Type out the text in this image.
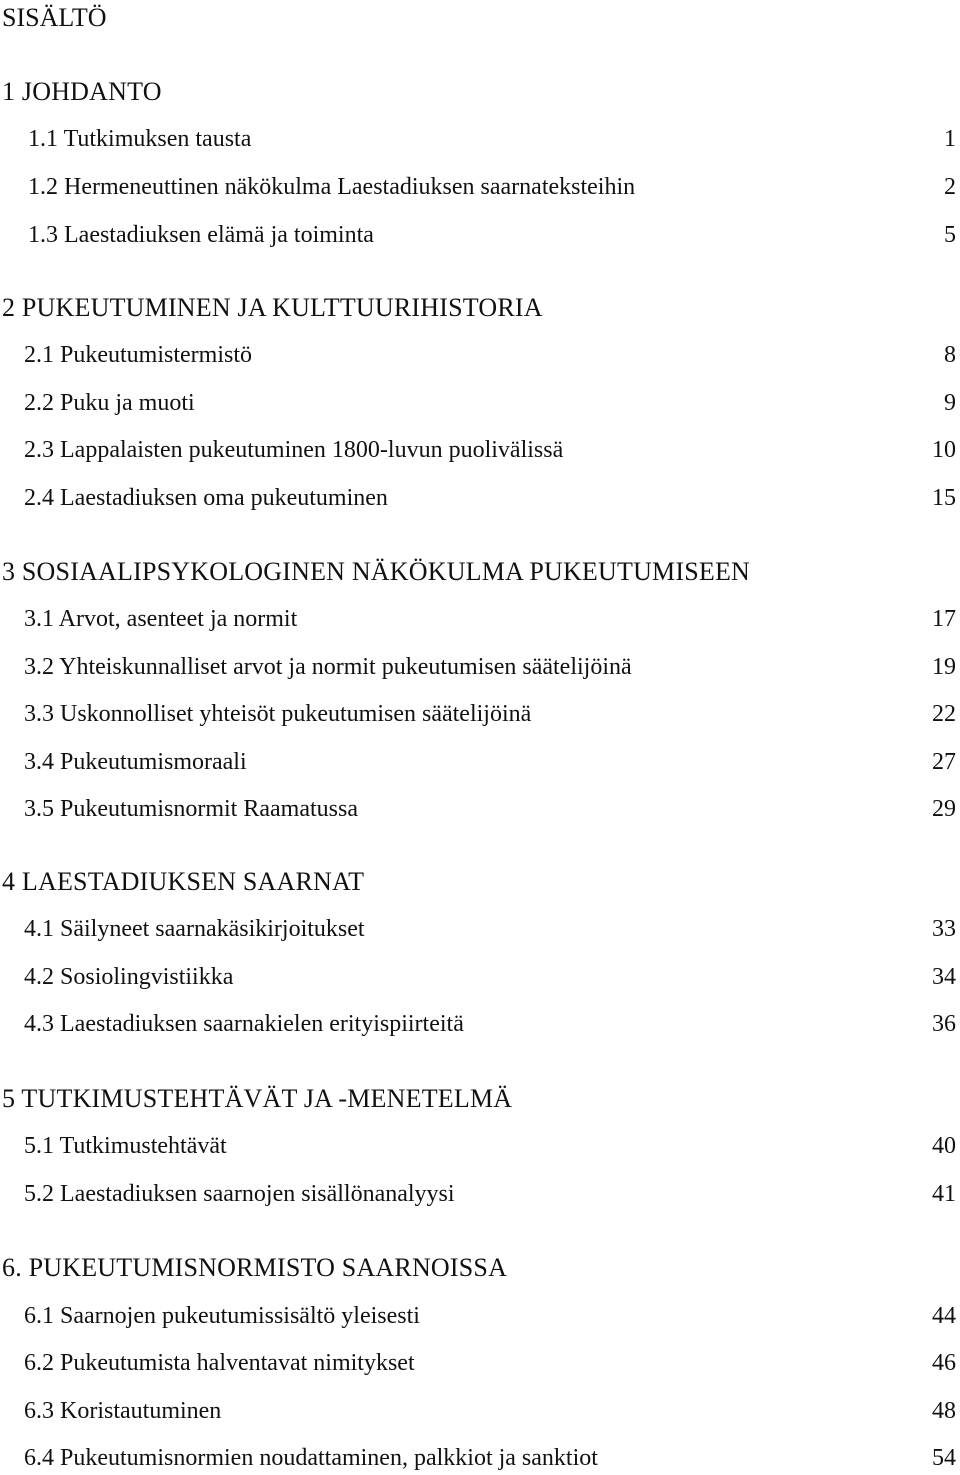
SISÄLTÖ
1 JOHDANTO
1.1 Tutkimuksen tausta	1
1.2 Hermeneuttinen näkökulma Laestadiuksen saarnateksteihin	2
1.3 Laestadiuksen elämä ja toiminta	5
2 PUKEUTUMINEN JA KULTTUURIHISTORIA
2.1 Pukeutumistermistö	8
2.2 Puku ja muoti	9
2.3 Lappalaisten pukeutuminen 1800-luvun puolivälissä	10
2.4 Laestadiuksen oma pukeutuminen	15
3 SOSIAALIPSYKOLOGINEN NÄKÖKULMA PUKEUTUMISEEN
3.1 Arvot, asenteet ja normit	17
3.2 Yhteiskunnalliset arvot ja normit pukeutumisen säätelijöinä	19
3.3 Uskonnolliset yhteisöt pukeutumisen säätelijöinä	22
3.4 Pukeutumismoraali	27
3.5 Pukeutumisnormit Raamatussa	29
4 LAESTADIUKSEN SAARNAT
4.1 Säilyneet saarnakäsikirjoitukset	33
4.2 Sosiolingvistiikka	34
4.3 Laestadiuksen saarnakielen erityispiirteitä	36
5 TUTKIMUSTEHTÄVÄT JA -MENETELMÄ
5.1 Tutkimustehtävät	40
5.2 Laestadiuksen saarnojen sisällönanalyysi	41
6. PUKEUTUMISNORMISTO SAARNOISSA
6.1 Saarnojen pukeutumissisältö yleisesti	44
6.2 Pukeutumista halventavat nimitykset	46
6.3 Koristautuminen	48
6.4 Pukeutumisnormien noudattaminen, palkkiot ja sanktiot	54
